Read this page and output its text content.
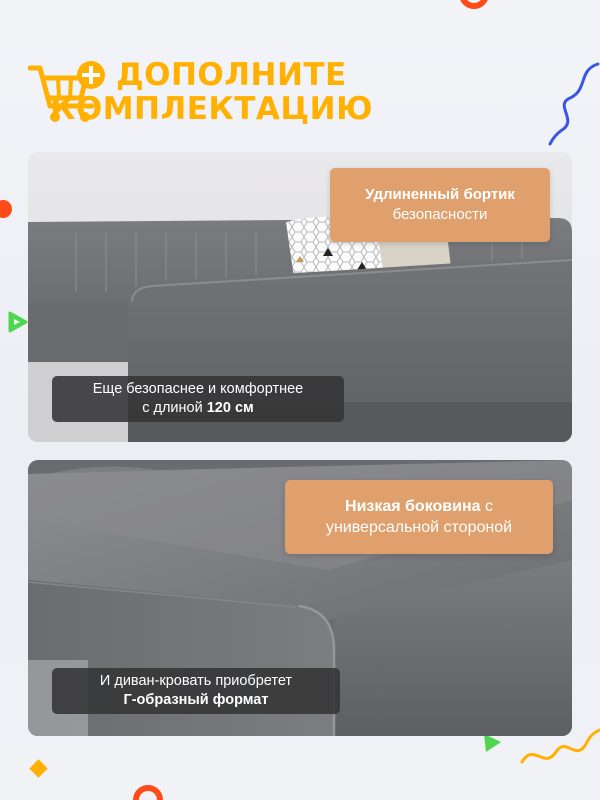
ДОПОЛНИТЕ
КОМПЛЕКТАЦИЮ
Удлиненный бортик
безопасности
Еще безопаснее и комфортнее
с длиной 120 см
Низкая боковина с
универсальной стороной
И диван-кровать приобретет
Г-образный формат
